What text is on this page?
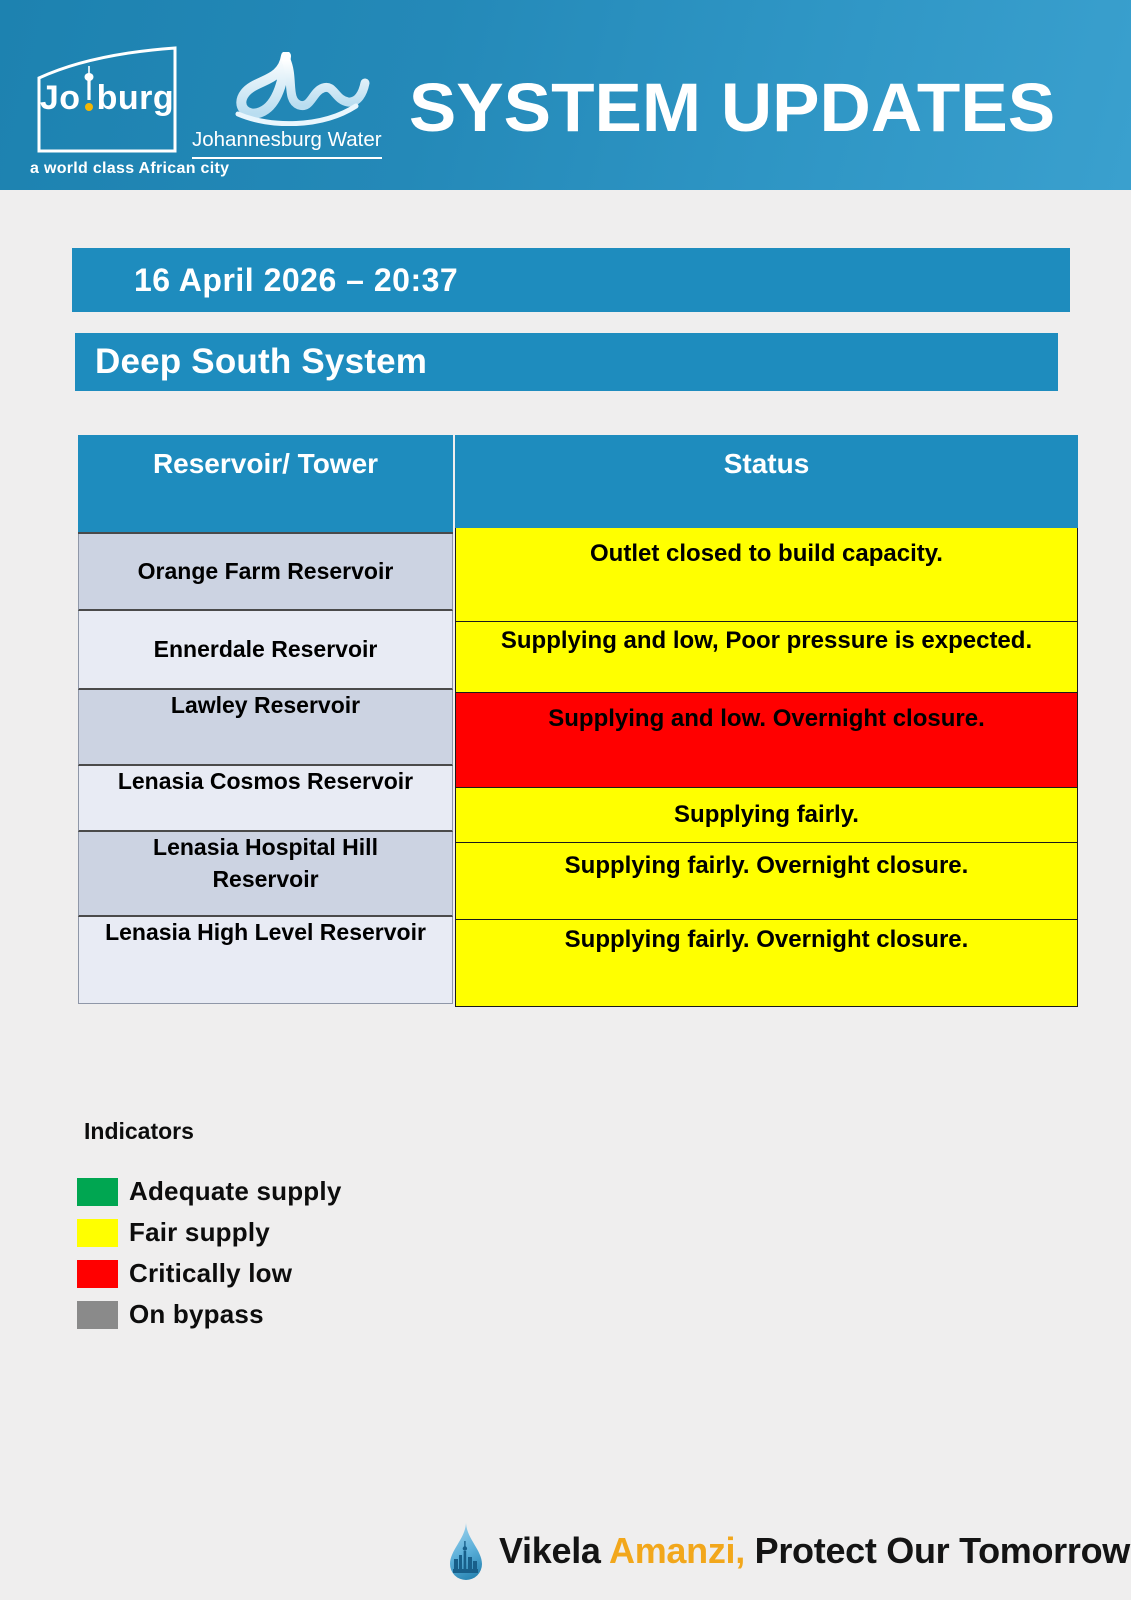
Jo burg
a world class African city
Johannesburg Water SYSTEM UPDATES
16 April 2026 – 20:37
Deep South System
Reservoir/ Tower
Orange Farm Reservoir
Ennerdale Reservoir
Lawley Reservoir
Lenasia Cosmos Reservoir
Lenasia Hospital Hill Reservoir
Lenasia High Level Reservoir
Status
Outlet closed to build capacity.
Supplying and low, Poor pressure is expected.
Supplying and low. Overnight closure.
Supplying fairly.
Supplying fairly. Overnight closure.
Supplying fairly. Overnight closure.
Indicators
Adequate supply
Fair supply
Critically low
On bypass
Vikela Amanzi, Protect Our Tomorrow
